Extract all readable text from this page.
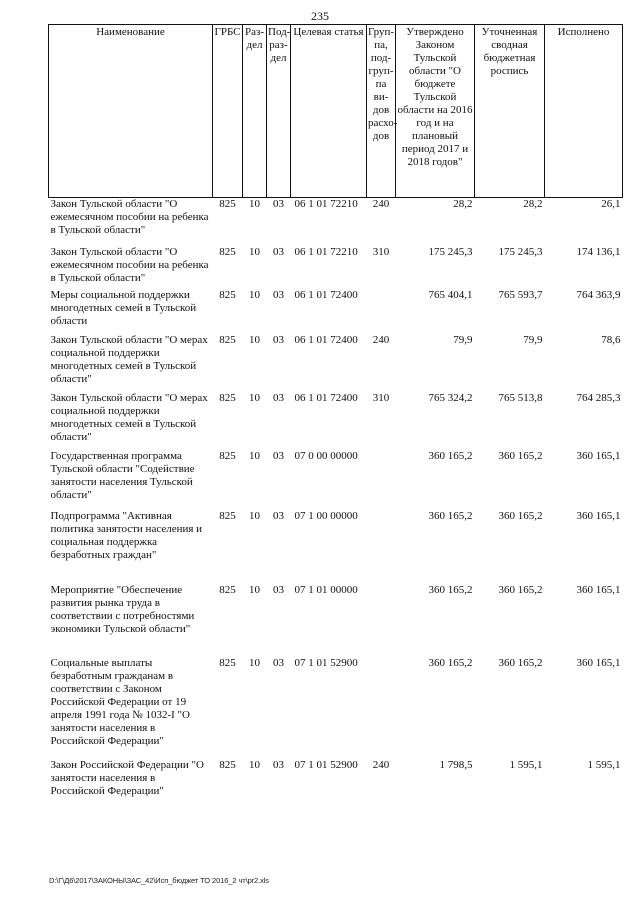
235
Наименование	ГРБС	Раз-дел	Под-раз-дел	Целевая статья	Груп-па, под-груп-па ви-дов расхо-дов	Утверждено Законом Тульской области "О бюджете Тульской области на 2016 год и на плановый период 2017 и 2018 годов"	Уточненная сводная бюджетная роспись	Исполнено
Закон Тульской области "О ежемесячном пособии на ребенка в Тульской области"	825	10	03	06 1 01 72210	240	28,2	28,2	26,1
Закон Тульской области "О ежемесячном пособии на ребенка в Тульской области"	825	10	03	06 1 01 72210	310	175 245,3	175 245,3	174 136,1
Меры социальной поддержки многодетных семей в Тульской области	825	10	03	06 1 01 72400		765 404,1	765 593,7	764 363,9
Закон Тульской области "О мерах социальной поддержки многодетных семей в Тульской области"	825	10	03	06 1 01 72400	240	79,9	79,9	78,6
Закон Тульской области "О мерах социальной поддержки многодетных семей в Тульской области"	825	10	03	06 1 01 72400	310	765 324,2	765 513,8	764 285,3
Государственная программа Тульской области "Содействие занятости населения Тульской области"	825	10	03	07 0 00 00000		360 165,2	360 165,2	360 165,1
Подпрограмма "Активная политика занятости населения и социальная поддержка безработных граждан"	825	10	03	07 1 00 00000		360 165,2	360 165,2	360 165,1
Мероприятие "Обеспечение развития рынка труда в соответствии с потребностями экономики Тульской области"	825	10	03	07 1 01 00000		360 165,2	360 165,2	360 165,1
Социальные выплаты безработным гражданам в соответствии с Законом Российской Федерации от 19 апреля 1991 года № 1032-I "О занятости населения в Российской Федерации"	825	10	03	07 1 01 52900		360 165,2	360 165,2	360 165,1
Закон Российской Федерации "О занятости населения в Российской Федерации"	825	10	03	07 1 01 52900	240	1 798,5	1 595,1	1 595,1
D:\Г\Д6\2017\ЗАКОНЫ\ЗАС_42\Исп_бюджет ТО 2016_2 чт\pr2.xls
